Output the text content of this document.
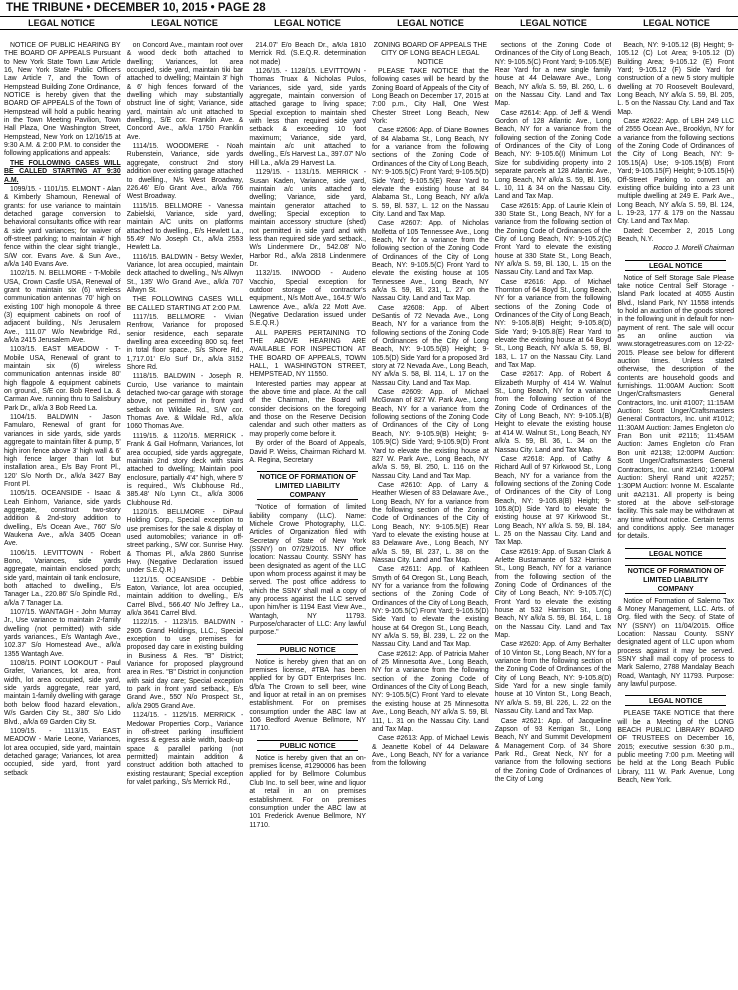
THE TRIBUNE • DECEMBER 10, 2015 • PAGE 28
LEGAL NOTICE	LEGAL NOTICE	LEGAL NOTICE	LEGAL NOTICE	LEGAL NOTICE	LEGAL NOTICE

NOTICE OF PUBLIC HEARING BY THE BOARD OF APPEALS Pursuant to New York State Town Law Article 16, New York State Public Officers Law Article 7, and the Town of Hempstead Building Zone Ordinance, NOTICE is hereby given that the BOARD OF APPEALS of the Town of Hempstead will hold a public hearing in the Town Meeting Pavilion, Town Hall Plaza, One Washington Street, Hempstead, New York on 12/16/15 at 9:30 A.M. & 2:00 P.M. to consider the following applications and appeals:

THE FOLLOWING CASES WILL BE CALLED STARTING AT 9:30 A.M.

1099/15. - 1101/15. ELMONT - Alan & Kimberly Shamoun, Renewal of grants: for use variance to maintain detached garage conversion to behavioral consultants office with rear & side yard variances; for waiver of off-street parking; to maintain 4' high fence within the clear sight triangle., S/W cor. Evans Ave. & Sun Ave., a/k/a 140 Evans Ave.

1102/15. N. BELLMORE - T-Mobile USA, Crown Castle USA, Renewal of grant to maintain six (6) wireless communication antennas 70' high on existing 100' high monopole & three (3) equipment cabinets on roof of adjacent building., N/s Jerusalem Ave., 111.07' W/o Newbridge Rd., a/k/a 2415 Jerusalem Ave.

1103/15. EAST MEADOW - T-Mobile USA, Renewal of grant to maintain six (6) wireless communication antennas inside 80' high flagpole & equipment cabinets on ground., S/E cor. Bob Reed La. & Carman Ave. running thru to Salisbury Park Dr., a/k/a 3 Bob Reed La.

1104/15. BALDWIN - Jason Famularo, Renewal of grant for variances in side yards, side yards aggregate to maintain filter & pump, 5' high iron fence above 3' high wall & 6' high fence larger than lot but installation area., E/s Bay Front Pl., 120' S/o North Dr., a/k/a 3427 Bay Front Pl.

1105/15. OCEANSIDE - Isaac & Leah Einhorn, Variance, side yards aggregate, construct two-story addition & 2nd-story addition to dwelling., E/s Ocean Ave., 760' S/o Waukena Ave., a/k/a 3405 Ocean Ave.

1106/15. LEVITTOWN - Robert Bono, Variances, side yards aggregate, maintain enclosed porch; side yard, maintain oil tank enclosure, both attached to dwelling., E/s Tanager La., 220.86' S/o Spindle Rd., a/k/a 7 Tanager La.

1107/15. WANTAGH - John Murray Jr., Use variance to maintain 2-family dwelling (not permitted) with side yards variances., E/s Wantagh Ave., 102.37' S/o Homestead Ave., a/k/a 1355 Wantagh Ave.

1108/15. POINT LOOKOUT - Paul Grafer, Variances, lot area, front width, lot area occupied, side yard, side yards aggregate, rear yard, maintain 1-family dwelling with garage both below flood hazard elevation., W/s Garden City St., 380' S/o Lido Blvd., a/k/a 69 Garden City St.

1109/15. - 1113/15. EAST MEADOW - Marie Leone, Variances, lot area occupied, side yard, maintain detached garage; Variances, lot area occupied, side yard, front yard setback

on Concord Ave., maintain roof over & wood deck both attached to dwelling; Variances, lot area occupied, side yard, maintain tiki bar attached to dwelling; Maintain 3' high & 6' high fences forward of the dwelling which may substantially obstruct line of sight; Variance, side yard, maintain a/c unit attached to dwelling., S/E cor. Franklin Ave. & Concord Ave., a/k/a 1750 Franklin Ave.

1114/15. WOODMERE - Noah Rubenstein, Variance, side yards aggregate, construct 2nd story addition over existing garage attached to dwelling., N/s West Broadway, 226.46' E/o Grant Ave., a/k/a 766 West Broadway.

1115/15. BELLMORE - Vanessa Zabielski, Variance, side yard, maintain A/C units on platforms attached to dwelling., E/s Hewlett La., 55.49' N/o Joseph Ct., a/k/a 2553 Hewlett La.

1116/15. BALDWIN - Betsy Wexler, Variance, lot area occupied, maintain deck attached to dwelling., N/s Allwyn St., 135' W/o Grand Ave., a/k/a 707 Allwyn St.

THE FOLLOWING CASES WILL BE CALLED STARTING AT 2:00 P.M.

1117/15. BELLMORE - Vivian Renfrow, Variance for proposed senior residence, each separate dwelling area exceeding 800 sq. feet in total floor space., S/s Shore Rd., 1,717.01' E/o Surf Dr., a/k/a 3152 Shore Rd.

1118/15. BALDWIN - Joseph R. Curcio, Use variance to maintain detached two-car garage with storage above, not permitted in front yard setback on Wildale Rd., S/W cor. Thomas Ave. & Wildale Rd., a/k/a 1060 Thomas Ave.

1119/15. & 1120/15. MERRICK - Frank & Gail Hofmann, Variances, lot area occupied, side yards aggregate, maintain 2nd story deck with stairs attached to dwelling; Maintain pool enclosure, partially 4'4" high, where 5' is required., W/s Clubhouse Rd., 385.48' N/o Lynn Ct., a/k/a 3006 Clubhouse Rd.

1120/15. BELLMORE - DiPaul Holding Corp., Special exception to use premises for the sale & display of used automobiles; variance in off-street parking., S/W cor. Sunrise Hwy. & Thomas Pl., a/k/a 2860 Sunrise Hwy. (Negative Declaration issued under S.E.Q.R.)

1121/15. OCEANSIDE - Debbie Eaton, Variance, lot area occupied, maintain addition to dwelling., E/s Carrel Blvd., 566.40' N/o Jeffrey La., a/k/a 3641 Carrel Blvd.

1122/15. - 1123/15. BALDWIN - 2905 Grand Holdings, LLC., Special exception to use premises for proposed day care in existing building in Business & Res. "B" District; Variance for proposed playground area in Res. "B" District in conjunction with said day care; Special exception to park in front yard setback., E/s Grand Ave., 550' N/o Prospect St., a/k/a 2905 Grand Ave.

1124/15. - 1125/15. MERRICK - Medowar Properties Corp., Variance in off-street parking insufficient ingress & egress aisle width, back-up space & parallel parking (not permitted) maintain addition & construct addition both attached to existing restaurant; Special exception for valet parking., S/s Merrick Rd.,

214.07' E/o Beach Dr., a/k/a 1810 Merrick Rd. (S.E.Q.R. determination not made)

1126/15. - 1128/15. LEVITTOWN - Thomas Truax & Nicholas Pulos, Variances, side yard, side yards aggregate, maintain conversion of attached garage to living space; Special exception to maintain shed with less than required side yard setback & exceeding 10 foot maximum; Variance, side yard, maintain a/c unit attached to dwelling., E/s Harvest La., 397.07' N/o Hill La., a/k/a 29 Harvest La.

1129/15. - 1131/15. MERRICK - Susan Kaden, Variance, side yard, maintain a/c units attached to dwelling; Variance, side yard, maintain generator attached to dwelling; Special exception to maintain accessory structure (shed) not permitted in side yard and with less than required side yard setback., W/s Lindenmere Dr., 542.08' N/o Harbor Rd., a/k/a 2818 Lindenmere Dr.

1132/15. INWOOD - Audeno Vacchio, Special exception for outdoor storage of contractor's equipment., N/s Mott Ave., 164.5' W/o Lawrence Ave., a/k/a 22 Mott Ave. (Negative Declaration issued under S.E.Q.R.)

ALL PAPERS PERTAINING TO THE ABOVE HEARING ARE AVAILABLE FOR INSPECTION AT THE BOARD OF APPEALS, TOWN HALL, 1 WASHINGTON STREET, HEMPSTEAD, NY 11550.

Interested parties may appear at the above time and place. At the call of the Chairman, the Board will consider decisions on the foregoing and those on the Reserve Decision calendar and such other matters as may properly come before it.

By order of the Board of Appeals, David P. Weiss, Chairman Richard M. A. Regina, Secretary

NOTICE OF FORMATION OF LIMITED LIABILITY COMPANY

"Notice of formation of limited liability company (LLC). Name: Michele Crowe Photography, LLC. Articles of Organization filed with Secretary of State of New York (SSNY) on 07/29/2015. NY office location: Nassau County. SSNY has been designated as agent of the LLC upon whom process against it may be served. The post office address to which the SSNY shall mail a copy of any process against the LLC served upon him/her is 1194 East View Ave., Wantagh, NY 11793. Purpose/character of LLC: Any lawful purpose."

PUBLIC NOTICE

Notice is hereby given that an on premises license, #TBA has been applied for by GDT Enterprises Inc. d/b/a The Crown to sell beer, wine and liquor at retail in an on premises establishment. For on premises consumption under the ABC law at 106 Bedford Avenue Bellmore, NY 11710.

PUBLIC NOTICE

Notice is hereby given that an on-premises license, #1290006 has been applied for by Bellmore Columbus Club Inc. to sell beer, wine and liquor at retail in an on premises establishment. For on premises consumption under the ABC law at 101 Frederick Avenue Bellmore, NY 11710.

ZONING BOARD OF APPEALS THE CITY OF LONG BEACH LEGAL NOTICE

PLEASE TAKE NOTICE that the following cases will be heard by the Zoning Board of Appeals of the City of Long Beach on December 17, 2015 at 7:00 p.m., City Hall, One West Chester Street Long Beach, New York:

Case #2606: App. of Diane Bownes of 84 Alabama St., Long Beach, NY for a variance from the following sections of the Zoning Code of Ordinances of the City of Long Beach, NY: 9-105.5(C) Front Yard; 9-105.5(D) Side Yard; 9-105.5(E) Rear Yard to elevate the existing house at 84 Alabama St., Long Beach, NY a/k/a S. 59, Bl. 537, L. 12 on the Nassau City. Land and Tax Map.

Case #2607: App. of Nicholas Molfetta of 105 Tennessee Ave., Long Beach, NY for a variance from the following section of the Zoning Code of Ordinances of the City of Long Beach, NY: 9-105.5(C) Front Yard to elevate the existing house at 105 Tennessee Ave., Long Beach, NY a/k/a S. 59, Bl. 231, L. 27 on the Nassau City. Land and Tax Map.

Case #2608: App. of Albert DeSantis of 72 Nevada Ave., Long Beach, NY for a variance from the following sections of the Zoning Code of Ordinances of the City of Long Beach, NY: 9-105.5(B) Height; 9-105.5(D) Side Yard for a proposed 3rd story at 72 Nevada Ave., Long Beach, NY a/k/a S. 58, Bl. 114, L. 17 on the Nassau City. Land and Tax Map.

Case #2609: App. of Michael McGowan of 827 W. Park Ave., Long Beach, NY for a variance from the following sections of the Zoning Code of Ordinances of the City of Long Beach, NY: 9-105.9(B) Height; 9-105.9(C) Side Yard; 9-105.9(D) Front Yard to elevate the existing house at 827 W. Park Ave., Long Beach, NY a/k/a S. 59, Bl. 250, L. 116 on the Nassau City. Land and Tax Map.

Case #2610: App. of Larry & Heather Wiesen of 83 Delaware Ave., Long Beach, NY for a variance from the following section of the Zoning Code of Ordinances of the City of Long Beach, NY: 9-105.5(E) Rear Yard to elevate the existing house at 83 Delaware Ave., Long Beach, NY a/k/a S. 59, Bl. 237, L. 38 on the Nassau City. Land and Tax Map.

Case #2611: App. of Kathleen Smyth of 64 Oregon St., Long Beach, NY for a variance from the following sections of the Zoning Code of Ordinances of the City of Long Beach, NY: 9-105.5(C) Front Yard; 9-105.5(D) Side Yard to elevate the existing house at 64 Oregon St., Long Beach, NY a/k/a S. 59, Bl. 239, L. 22 on the Nassau City. Land and Tax Map.

Case #2612: App. of Patricia Maher of 25 Minnesotta Ave., Long Beach, NY for a variance from the following section of the Zoning Code of Ordinances of the City of Long Beach, NY: 9-105.5(C) Front Yard to elevate the existing house at 25 Minnesotta Ave., Long Beach, NY a/k/a S. 59, Bl. 111, L. 31 on the Nassau City. Land and Tax Map.

Case #2613: App. of Michael Lewis & Jeanette Kobel of 44 Delaware Ave., Long Beach, NY for a variance from the following

sections of the Zoning Code of Ordinances of the City of Long Beach, NY: 9-105.5(C) Front Yard; 9-105.5(E) Rear Yard for a new single family house at 44 Delaware Ave., Long Beach, NY a/k/a S. 59, Bl. 260, L. 6 on the Nassau City. Land and Tax Map.

Case #2614: App. of Jeff & Wendi Gordon of 128 Atlantic Ave., Long Beach, NY for a variance from the following section of the Zoning Code of Ordinances of the City of Long Beach, NY: 9-105.6(I) Minimum Lot Size for subdividing property into 2 separate parcels at 128 Atlantic Ave., Long Beach, NY a/k/a S. 59, Bl. 196, L. 10, 11 & 34 on the Nassau City. Land and Tax Map.

Case #2615: App. of Laurie Klein of 330 State St., Long Beach, NY for a variance from the following section of the Zoning Code of Ordinances of the City of Long Beach, NY: 9-105.2(C) Front Yard to elevate the existing house at 330 State St., Long Beach, NY a/k/a S. 59, Bl. 130, L. 15 on the Nassau City. Land and Tax Map.

Case #2616: App. of Michael Thornton of 64 Boyd St., Long Beach, NY for a variance from the following sections of the Zoning Code of Ordinances of the City of Long Beach, NY: 9-105.8(B) Height; 9-105.8(D) Side Yard; 9-105.8(E) Rear Yard to elevate the existing house at 64 Boyd St., Long Beach, NY a/k/a S. 59, Bl. 183, L. 17 on the Nassau City. Land and Tax Map.

Case #2617: App. of Robert & Elizabeth Murphy of 414 W. Walnut St., Long Beach, NY for a variance from the following section of the Zoning Code of Ordinances of the City of Long Beach, NY: 9-105.1(B) Height to elevate the existing house at 414 W. Walnut St., Long Beach, NY a/k/a S. 59, Bl. 36, L. 34 on the Nassau City. Land and Tax Map.

Case #2618: App. of Cathy & Richard Aull of 97 Kirkwood St., Long Beach, NY for a variance from the following sections of the Zoning Code of Ordinances of the City of Long Beach, NY: 9-105.8(B) Height; 9-105.8(D) Side Yard to elevate the existing house at 97 Kirkwood St., Long Beach, NY a/k/a S. 59, Bl. 184, L. 25 on the Nassau City. Land and Tax Map.

Case #2619: App. of Susan Clark & Arlette Bustamante of 532 Harrison St., Long Beach, NY for a variance from the following section of the Zoning Code of Ordinances of the City of Long Beach, NY: 9-105.7(C) Front Yard to elevate the existing house at 532 Harrison St., Long Beach, NY a/k/a S. 59, Bl. 164, L. 18 on the Nassau City. Land and Tax Map.

Case #2620: App. of Amy Berhalter of 10 Vinton St., Long Beach, NY for a variance from the following section of the Zoning Code of Ordinances of the City of Long Beach, NY: 9-105.8(D) Side Yard for a new single family house at 10 Vinton St., Long Beach, NY a/k/a S. 59, Bl. 226, L. 22 on the Nassau City. Land and Tax Map.

Case #2621: App. of Jacqueline Zapson of 93 Kerrigan St., Long Beach, NY and Summit Development & Management Corp. of 34 Shore Park Rd., Great Neck, NY for a variance from the following sections of the Zoning Code of Ordinances of the City of Long

Beach, NY: 9-105.12 (B) Height; 9-105.12 (C) Lot Area; 9-105.12 (D) Building Area; 9-105.12 (E) Front Yard; 9-105.12 (F) Side Yard for construction of a new 5 story multiple dwelling at 70 Roosevelt Boulevard, Long Beach, NY a/k/a S. 59, Bl. 205, L. 5 on the Nassau Cty. Land and Tax Map.

Case #2622: App. of LBH 249 LLC of 2555 Ocean Ave., Brooklyn, NY for a variance from the following sections of the Zoning Code of Ordinances of the City of Long Beach, NY: 9-105.15(A) Use; 9-105.15(B) Front Yard; 9-105.15(F) Height; 9-105.15(H) Off-Street Parking to convert an existing office building into a 23 unit multiple dwelling at 249 E. Park Ave., Long Beach, NY a/k/a S. 59, Bl. 124, L. 19-23, 177 & 179 on the Nassau Cty. Land and Tax Map.

Dated: December 2, 2015 Long Beach, N.Y.

Rocco J. Morelli Chairman

LEGAL NOTICE

Notice of Self Storage Sale Please take notice Central Self Storage - Island Park located at 4055 Austin Blvd., Island Park, NY 11558 intends to hold an auction of the goods stored in the following unit in default for non-payment of rent. The sale will occur as an online auction via www.storagetreasures.com on 12-22-2015. Please see below for different auction times. Unless stated otherwise, the description of the contents are household goods and furnishings. 11:00AM Auction: Scott Unger/Craftsmasters General Contractors, Inc. unit #1007; 11:15AM Auction: Scott Unger/Craftsmasters General Contractors, Inc. unit #1012; 11:30AM Auction: James Engleton c/o Fran Bon unit #2115; 11:45AM Auction: James Engleton c/o Fran Bon unit #2138; 12:00PM Auction: Scott Unger/Craftsmasters General Contractors, Inc. unit #2140; 1:00PM Auction: Sheryl Rand unit #2257; 1:30PM Auction: Ivonne M. Escalante unit #A2131. All property is being stored at the above self-storage facility. This sale may be withdrawn at any time without notice. Certain terms and conditions apply. See manager for details.

LEGAL NOTICE
NOTICE OF FORMATION OF LIMITED LIABILITY COMPANY

Notice of Formation of Salerno Tax & Money Management, LLC. Arts. of Org. filed with the Secy. of State of NY (SSNY) on 11/04/2015. Office Location: Nassau County. SSNY designated agent of LLC upon whom process against it may be served. SSNY shall mail copy of process to Mark Salerno, 2788 Mandalay Beach Road, Wantagh, NY 11793. Purpose: any lawful purpose.

LEGAL NOTICE

PLEASE TAKE NOTICE that there will be a Meeting of the LONG BEACH PUBLIC LIBRARY BOARD OF TRUSTEES on December 16, 2015; executive session 6:30 p.m., public meeting 7:00 p.m. Meeting will be held at the Long Beach Public Library, 111 W. Park Avenue, Long Beach, New York.
